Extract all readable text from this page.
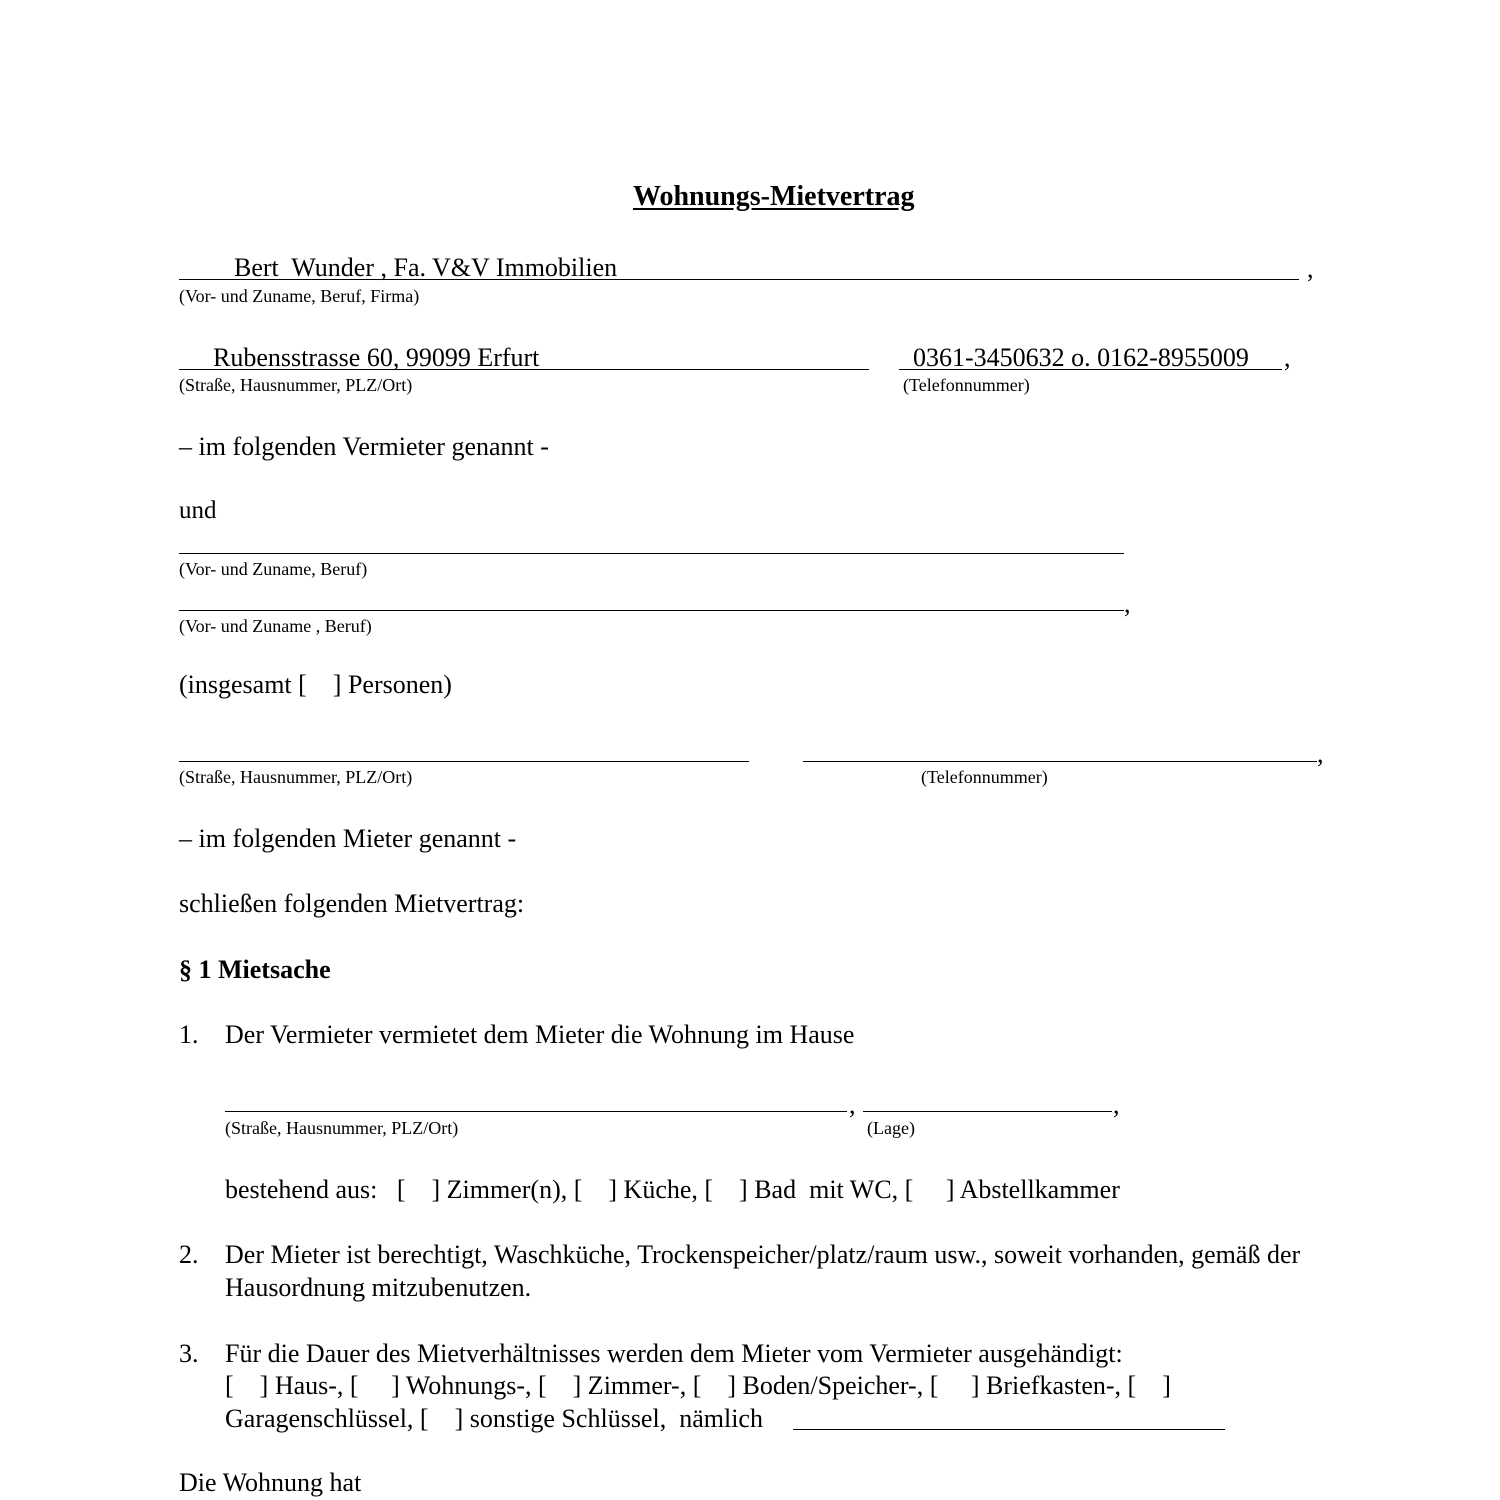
Wohnungs-Mietvertrag
Bert  Wunder , Fa. V&V Immobilien	,
(Vor- und Zuname, Beruf, Firma)
Rubensstrasse 60, 99099 Erfurt
(Straße, Hausnummer, PLZ/Ort)
0361-3450632 o. 0162-8955009 ,
(Telefonnummer)
– im folgenden Vermieter genannt -
und
(Vor- und Zuname, Beruf)
,
(Vor- und Zuname , Beruf)
(insgesamt [    ] Personen)
(Straße, Hausnummer, PLZ/Ort)
,
(Telefonnummer)
– im folgenden Mieter genannt -
schließen folgenden Mietvertrag:
§ 1 Mietsache
1. Der Vermieter vermietet dem Mieter die Wohnung im Hause
,
(Straße, Hausnummer, PLZ/Ort)
,
(Lage)
bestehend aus:   [    ] Zimmer(n), [    ] Küche, [    ] Bad  mit WC, [     ] Abstellkammer
2. Der Mieter ist berechtigt, Waschküche, Trockenspeicher/platz/raum usw., soweit vorhanden, gemäß der
Hausordnung mitzubenutzen.
3. Für die Dauer des Mietverhältnisses werden dem Mieter vom Vermieter ausgehändigt:
[    ] Haus-, [     ] Wohnungs-, [    ] Zimmer-, [    ] Boden/Speicher-, [     ] Briefkasten-, [    ]
Garagenschlüssel, [    ] sonstige Schlüssel,  nämlich
Die Wohnung hat
